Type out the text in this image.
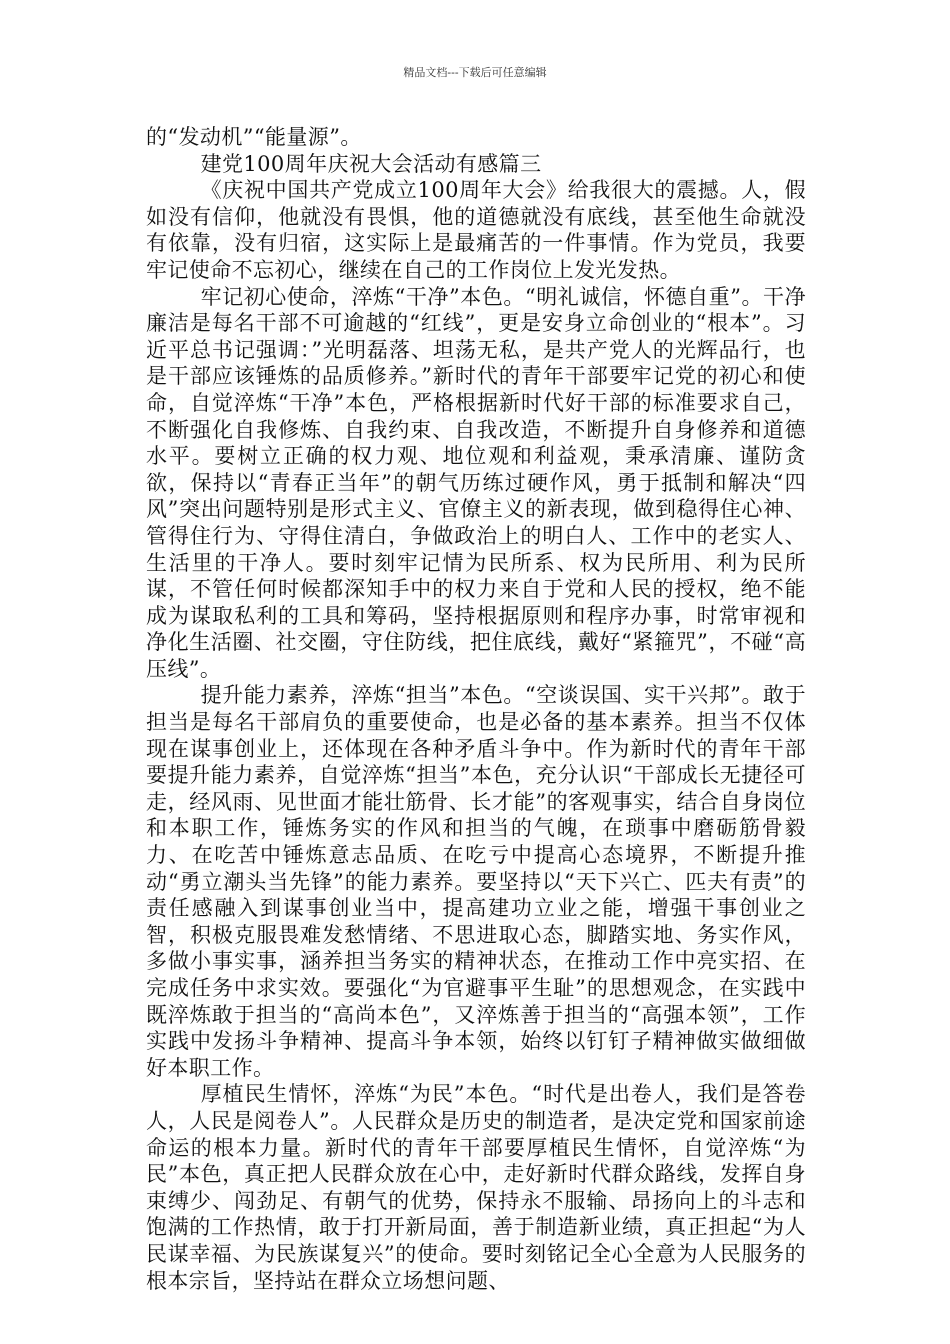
精品文档---下载后可任意编辑

的“发动机”“能量源”。

建党100周年庆祝大会活动有感篇三

《庆祝中国共产党成立100周年大会》给我很大的震撼。人，假如没有信仰，他就没有畏惧，他的道德就没有底线，甚至他生命就没有依靠，没有归宿，这实际上是最痛苦的一件事情。作为党员，我要牢记使命不忘初心，继续在自己的工作岗位上发光发热。

牢记初心使命，淬炼“干净”本色。“明礼诚信，怀德自重”。干净廉洁是每名干部不可逾越的“红线”，更是安身立命创业的“根本”。习近平总书记强调：”光明磊落、坦荡无私，是共产党人的光辉品行，也是干部应该锤炼的品质修养。”新时代的青年干部要牢记党的初心和使命，自觉淬炼“干净”本色，严格根据新时代好干部的标准要求自己，不断强化自我修炼、自我约束、自我改造，不断提升自身修养和道德水平。要树立正确的权力观、地位观和利益观，秉承清廉、谨防贪欲，保持以“青春正当年”的朝气历练过硬作风，勇于抵制和解决“四风”突出问题特别是形式主义、官僚主义的新表现，做到稳得住心神、管得住行为、守得住清白，争做政治上的明白人、工作中的老实人、生活里的干净人。要时刻牢记情为民所系、权为民所用、利为民所谋，不管任何时候都深知手中的权力来自于党和人民的授权，绝不能成为谋取私利的工具和筹码，坚持根据原则和程序办事，时常审视和净化生活圈、社交圈，守住防线，把住底线，戴好“紧箍咒”，不碰“高压线”。

提升能力素养，淬炼“担当”本色。“空谈误国、实干兴邦”。敢于担当是每名干部肩负的重要使命，也是必备的基本素养。担当不仅体现在谋事创业上，还体现在各种矛盾斗争中。作为新时代的青年干部要提升能力素养，自觉淬炼“担当”本色，充分认识“干部成长无捷径可走，经风雨、见世面才能壮筋骨、长才能”的客观事实，结合自身岗位和本职工作，锤炼务实的作风和担当的气魄，在琐事中磨砺筋骨毅力、在吃苦中锤炼意志品质、在吃亏中提高心态境界，不断提升推动“勇立潮头当先锋”的能力素养。要坚持以“天下兴亡、匹夫有责”的责任感融入到谋事创业当中，提高建功立业之能，增强干事创业之智，积极克服畏难发愁情绪、不思进取心态，脚踏实地、务实作风，多做小事实事，涵养担当务实的精神状态，在推动工作中亮实招、在完成任务中求实效。要强化“为官避事平生耻”的思想观念，在实践中既淬炼敢于担当的“高尚本色”，又淬炼善于担当的“高强本领”，工作实践中发扬斗争精神、提高斗争本领，始终以钉钉子精神做实做细做好本职工作。

厚植民生情怀，淬炼“为民”本色。“时代是出卷人，我们是答卷人，人民是阅卷人”。人民群众是历史的制造者，是决定党和国家前途命运的根本力量。新时代的青年干部要厚植民生情怀，自觉淬炼“为民”本色，真正把人民群众放在心中，走好新时代群众路线，发挥自身束缚少、闯劲足、有朝气的优势，保持永不服输、昂扬向上的斗志和饱满的工作热情，敢于打开新局面，善于制造新业绩，真正担起“为人民谋幸福、为民族谋复兴”的使命。要时刻铭记全心全意为人民服务的根本宗旨，坚持站在群众立场想问题、
